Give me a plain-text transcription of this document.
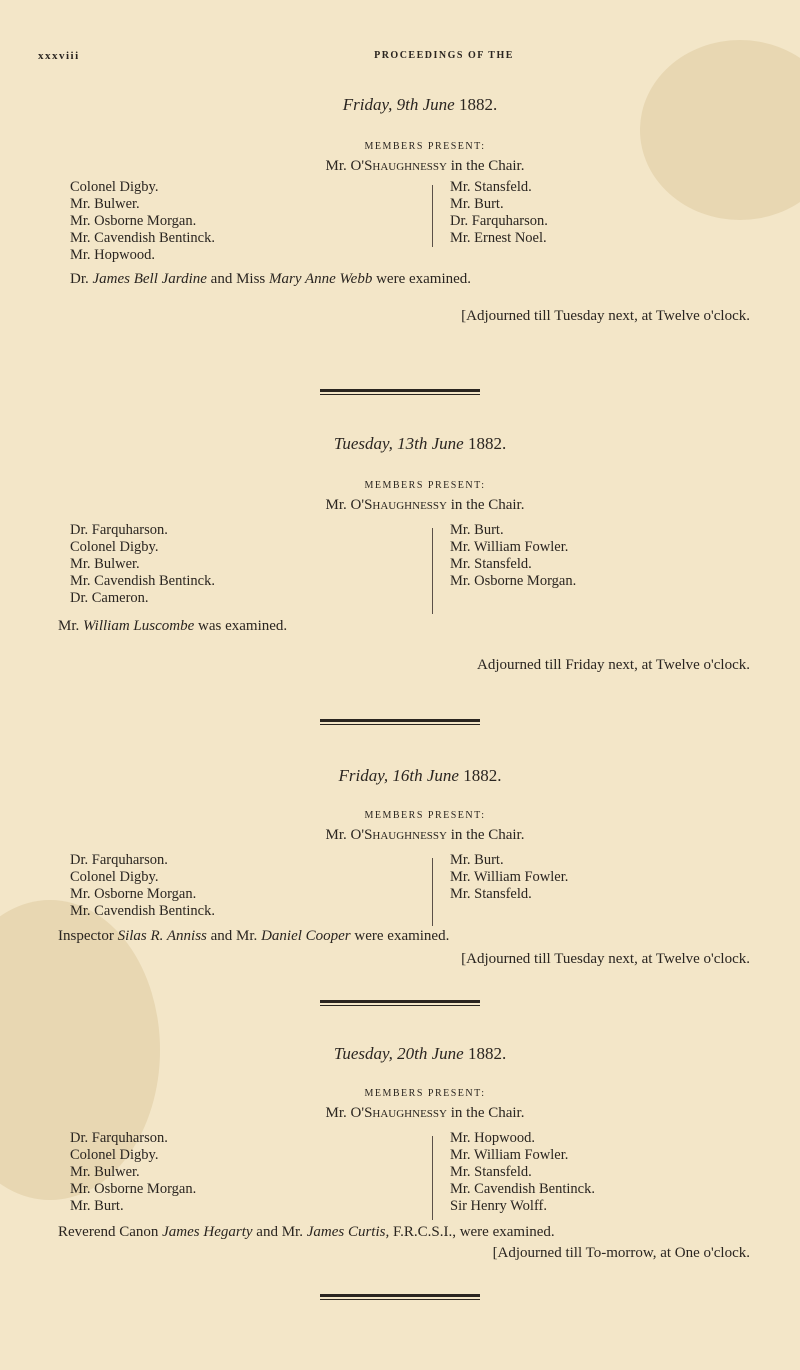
xxxviii	PROCEEDINGS OF THE

Friday, 9th June 1882.

MEMBERS PRESENT:
Mr. O'Shaughnessy in the Chair.
Colonel Digby.
Mr. Bulwer.
Mr. Osborne Morgan.
Mr. Cavendish Bentinck.
Mr. Hopwood.
Mr. Stansfeld.
Mr. Burt.
Dr. Farquharson.
Mr. Ernest Noel.
Dr. James Bell Jardine and Miss Mary Anne Webb were examined.
[Adjourned till Tuesday next, at Twelve o'clock.

Tuesday, 13th June 1882.

MEMBERS PRESENT:
Mr. O'Shaughnessy in the Chair.
Dr. Farquharson.
Colonel Digby.
Mr. Bulwer.
Mr. Cavendish Bentinck.
Dr. Cameron.
Mr. Burt.
Mr. William Fowler.
Mr. Stansfeld.
Mr. Osborne Morgan.
Mr. William Luscombe was examined.
Adjourned till Friday next, at Twelve o'clock.

Friday, 16th June 1882.

MEMBERS PRESENT:
Mr. O'Shaughnessy in the Chair.
Dr. Farquharson.
Colonel Digby.
Mr. Osborne Morgan.
Mr. Cavendish Bentinck.
Mr. Burt.
Mr. William Fowler.
Mr. Stansfeld.
Inspector Silas R. Anniss and Mr. Daniel Cooper were examined.
[Adjourned till Tuesday next, at Twelve o'clock.

Tuesday, 20th June 1882.

MEMBERS PRESENT:
Mr. O'Shaughnessy in the Chair.
Dr. Farquharson.
Colonel Digby.
Mr. Bulwer.
Mr. Osborne Morgan.
Mr. Burt.
Mr. Hopwood.
Mr. William Fowler.
Mr. Stansfeld.
Mr. Cavendish Bentinck.
Sir Henry Wolff.
Reverend Canon James Hegarty and Mr. James Curtis, F.R.C.S.I., were examined.
[Adjourned till To-morrow, at One o'clock.
